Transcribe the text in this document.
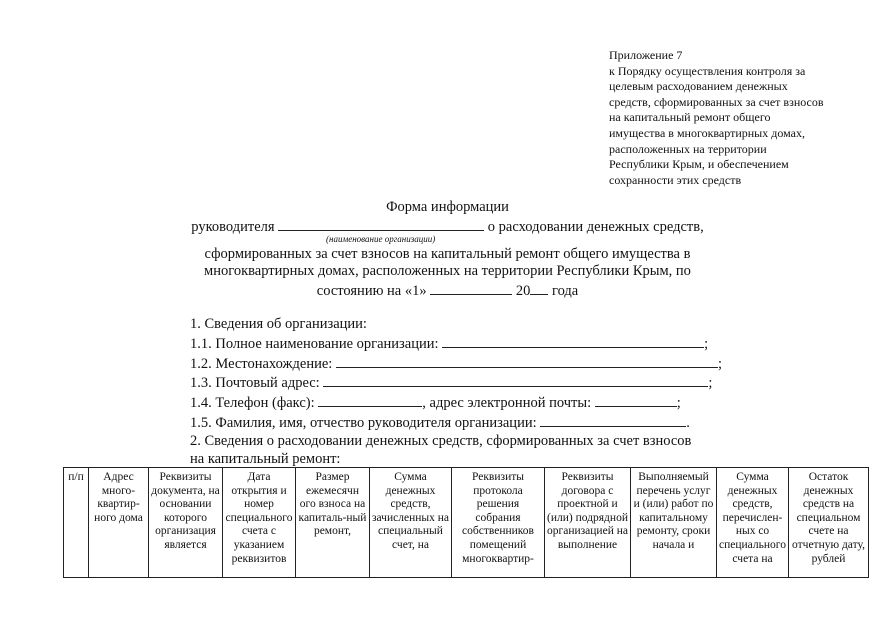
Приложение 7
к Порядку осуществления контроля за
целевым расходованием денежных
средств, сформированных за счет взносов
на капитальный ремонт общего
имущества в многоквартирных домах,
расположенных на территории
Республики Крым, и обеспечением
сохранности этих средств
Форма информации
руководителя	о расходовании денежных средств,
(наименование организации)
сформированных за счет взносов на капитальный ремонт общего имущества в
многоквартирных домах, расположенных на территории Республики Крым, по
состоянию на «1»	20 года
1. Сведения об организации:
1.1. Полное наименование организации:	;
1.2. Местонахождение:	;
1.3. Почтовый адрес:	;
1.4. Телефон (факс):	, адрес электронной почты:	;
1.5. Фамилия, имя, отчество руководителя организации:	.
2. Сведения о расходовании денежных средств, сформированных за счет взносов
на капитальный ремонт:
п/п	Адрес много-квартир-ного дома	Реквизиты документа, на основании которого организация является	Дата открытия и номер специального счета с указанием реквизитов	Размер ежемесячн ого взноса на капиталь-ный ремонт,	Сумма денежных средств, зачисленных на специальный счет, на	Реквизиты протокола решения собрания собственников помещений многоквартир-	Реквизиты договора с проектной и (или) подрядной организацией на выполнение	Выполняемый перечень услуг и (или) работ по капитальному ремонту, сроки начала и	Сумма денежных средств, перечислен-ных со специального счета на	Остаток денежных средств на специальном счете на отчетную дату, рублей
